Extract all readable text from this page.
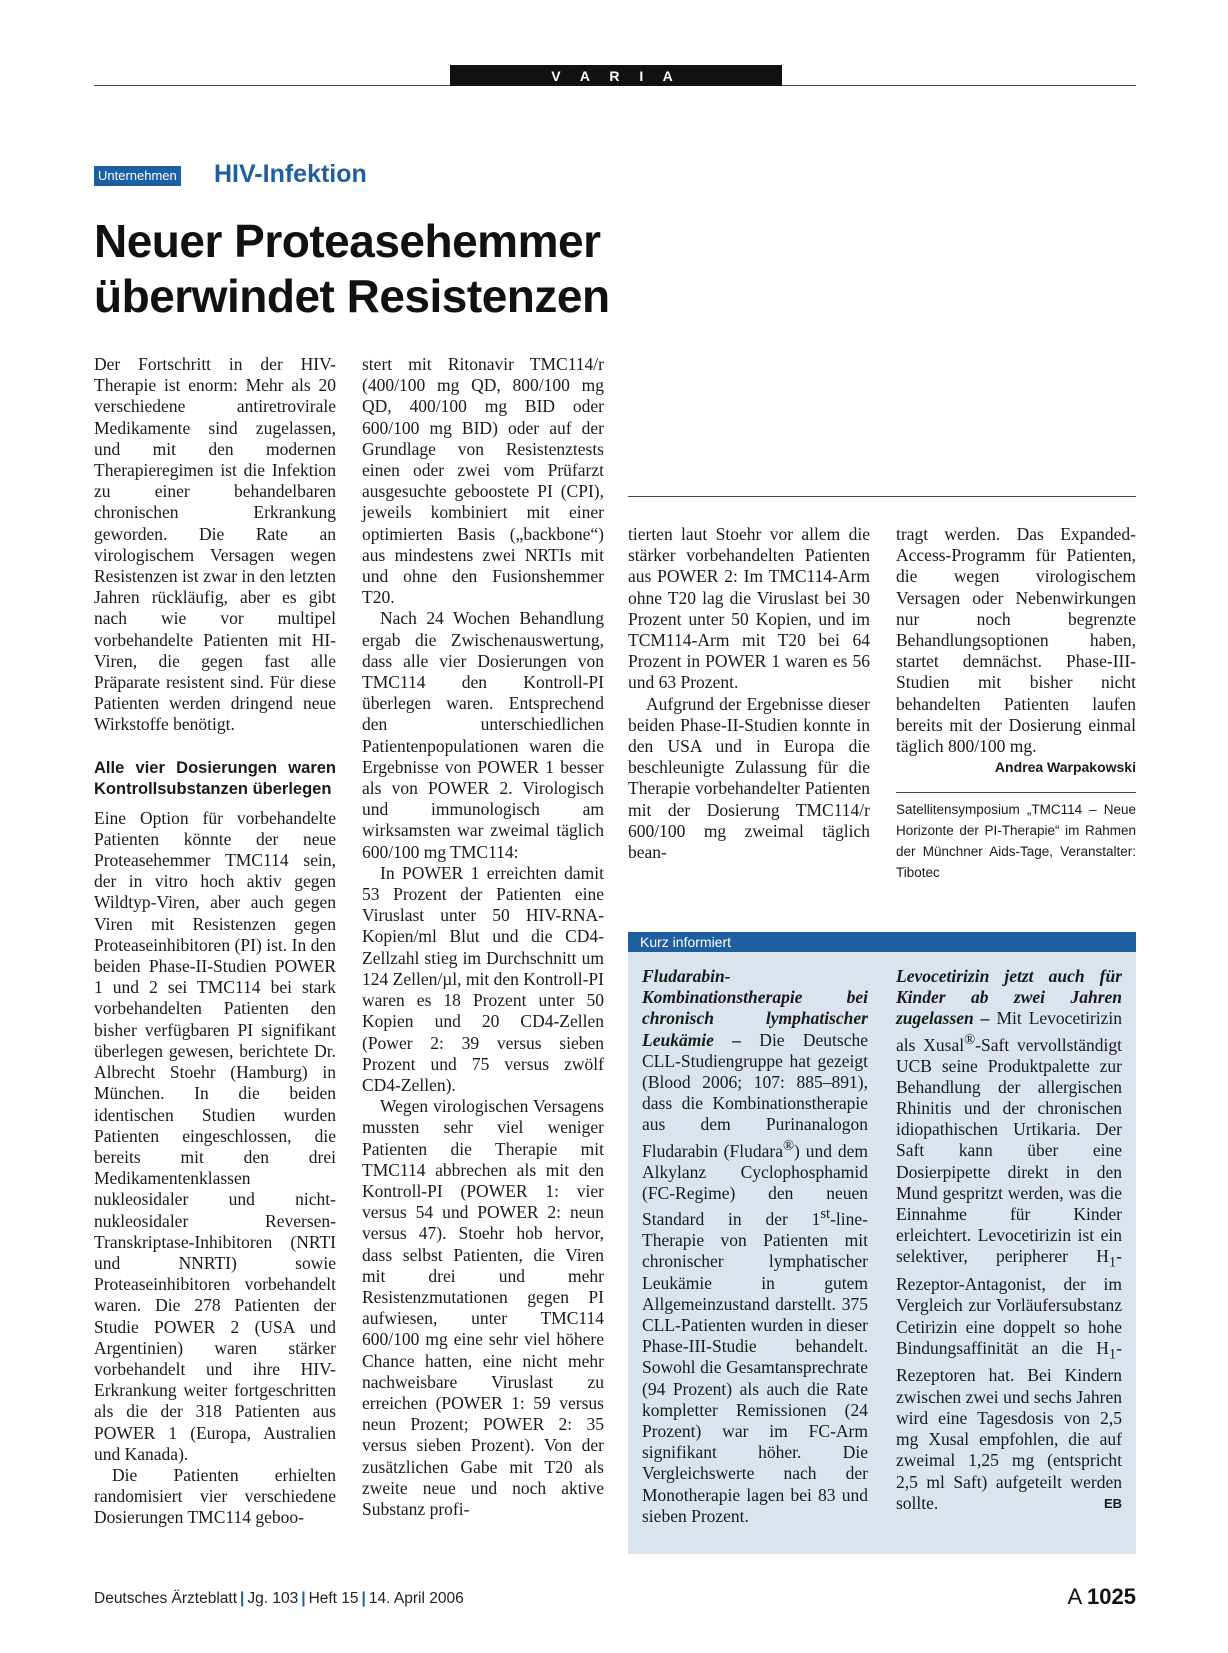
V A R I A
Unternehmen HIV-Infektion
Neuer Proteasehemmer
überwindet Resistenzen

Der Fortschritt in der HIV-Therapie ist enorm: Mehr als 20 verschiedene antiretrovirale Medikamente sind zugelassen, und mit den modernen Therapieregimen ist die Infektion zu einer behandelbaren chronischen Erkrankung geworden. Die Rate an virologischem Versagen wegen Resistenzen ist zwar in den letzten Jahren rückläufig, aber es gibt nach wie vor multipel vorbehandelte Patienten mit HI-Viren, die gegen fast alle Präparate resistent sind. Für diese Patienten werden dringend neue Wirkstoffe benötigt.

Alle vier Dosierungen waren Kontrollsubstanzen überlegen

Eine Option für vorbehandelte Patienten könnte der neue Proteasehemmer TMC114 sein, der in vitro hoch aktiv gegen Wildtyp-Viren, aber auch gegen Viren mit Resistenzen gegen Proteaseinhibitoren (PI) ist. In den beiden Phase-II-Studien POWER 1 und 2 sei TMC114 bei stark vorbehandelten Patienten den bisher verfügbaren PI signifikant überlegen gewesen, berichtete Dr. Albrecht Stoehr (Hamburg) in München. In die beiden identischen Studien wurden Patienten eingeschlossen, die bereits mit den drei Medikamentenklassen nukleosidaler und nicht-nukleosidaler Reversen-Transkriptase-Inhibitoren (NRTI und NNRTI) sowie Proteaseinhibitoren vorbehandelt waren. Die 278 Patienten der Studie POWER 2 (USA und Argentinien) waren stärker vorbehandelt und ihre HIV-Erkrankung weiter fortgeschritten als die der 318 Patienten aus POWER 1 (Europa, Australien und Kanada).

Die Patienten erhielten randomisiert vier verschiedene Dosierungen TMC114 geboo-

stert mit Ritonavir TMC114/r (400/100 mg QD, 800/100 mg QD, 400/100 mg BID oder 600/100 mg BID) oder auf der Grundlage von Resistenztests einen oder zwei vom Prüfarzt ausgesuchte geboostete PI (CPI), jeweils kombiniert mit einer optimierten Basis („backbone“) aus mindestens zwei NRTIs mit und ohne den Fusionshemmer T20.

Nach 24 Wochen Behandlung ergab die Zwischenauswertung, dass alle vier Dosierungen von TMC114 den Kontroll-PI überlegen waren. Entsprechend den unterschiedlichen Patientenpopulationen waren die Ergebnisse von POWER 1 besser als von POWER 2. Virologisch und immunologisch am wirksamsten war zweimal täglich 600/100 mg TMC114:

In POWER 1 erreichten damit 53 Prozent der Patienten eine Viruslast unter 50 HIV-RNA-Kopien/ml Blut und die CD4-Zellzahl stieg im Durchschnitt um 124 Zellen/µl, mit den Kontroll-PI waren es 18 Prozent unter 50 Kopien und 20 CD4-Zellen (Power 2: 39 versus sieben Prozent und 75 versus zwölf CD4-Zellen).

Wegen virologischen Versagens mussten sehr viel weniger Patienten die Therapie mit TMC114 abbrechen als mit den Kontroll-PI (POWER 1: vier versus 54 und POWER 2: neun versus 47). Stoehr hob hervor, dass selbst Patienten, die Viren mit drei und mehr Resistenzmutationen gegen PI aufwiesen, unter TMC114 600/100 mg eine sehr viel höhere Chance hatten, eine nicht mehr nachweisbare Viruslast zu erreichen (POWER 1: 59 versus neun Prozent; POWER 2: 35 versus sieben Prozent). Von der zusätzlichen Gabe mit T20 als zweite neue und noch aktive Substanz profi-

tierten laut Stoehr vor allem die stärker vorbehandelten Patienten aus POWER 2: Im TMC114-Arm ohne T20 lag die Viruslast bei 30 Prozent unter 50 Kopien, und im TCM114-Arm mit T20 bei 64 Prozent in POWER 1 waren es 56 und 63 Prozent.

Aufgrund der Ergebnisse dieser beiden Phase-II-Studien konnte in den USA und in Europa die beschleunigte Zulassung für die Therapie vorbehandelter Patienten mit der Dosierung TMC114/r 600/100 mg zweimal täglich bean-

tragt werden. Das Expanded-Access-Programm für Patienten, die wegen virologischem Versagen oder Nebenwirkungen nur noch begrenzte Behandlungsoptionen haben, startet demnächst. Phase-III-Studien mit bisher nicht behandelten Patienten laufen bereits mit der Dosierung einmal täglich 800/100 mg.
Andrea Warpakowski

Satellitensymposium „TMC114 – Neue Horizonte der PI-Therapie“ im Rahmen der Münchner Aids-Tage, Veranstalter: Tibotec
Kurz informiert

Fludarabin-Kombinationstherapie bei chronisch lymphatischer Leukämie – Die Deutsche CLL-Studiengruppe hat gezeigt (Blood 2006; 107: 885–891), dass die Kombinationstherapie aus dem Purinanalogon Fludarabin (Fludara®) und dem Alkylanz Cyclophosphamid (FC-Regime) den neuen Standard in der 1st-line-Therapie von Patienten mit chronischer lymphatischer Leukämie in gutem Allgemeinzustand darstellt. 375 CLL-Patienten wurden in dieser Phase-III-Studie behandelt. Sowohl die Gesamtansprechrate (94 Prozent) als auch die Rate kompletter Remissionen (24 Prozent) war im FC-Arm signifikant höher. Die Vergleichswerte nach der Monotherapie lagen bei 83 und sieben Prozent.

Levocetirizin jetzt auch für Kinder ab zwei Jahren zugelassen – Mit Levocetirizin als Xusal®-Saft vervollständigt UCB seine Produktpalette zur Behandlung der allergischen Rhinitis und der chronischen idiopathischen Urtikaria. Der Saft kann über eine Dosierpipette direkt in den Mund gespritzt werden, was die Einnahme für Kinder erleichtert. Levocetirizin ist ein selektiver, peripherer $H_1-Rezeptor$-Antagonist, der im Vergleich zur Vorläufersubstanz Cetirizin eine doppelt so hohe Bindungsaffinität an die $H_1$-Rezeptoren hat. Bei Kindern zwischen zwei und sechs Jahren wird eine Tagesdosis von 2,5 mg Xusal empfohlen, die auf zweimal 1,25 mg (entspricht 2,5 ml Saft) aufgeteilt werden sollte.	EB

Deutsches Ärzteblatt | Jg. 103 | Heft 15 | 14. April 2006	A 1025
